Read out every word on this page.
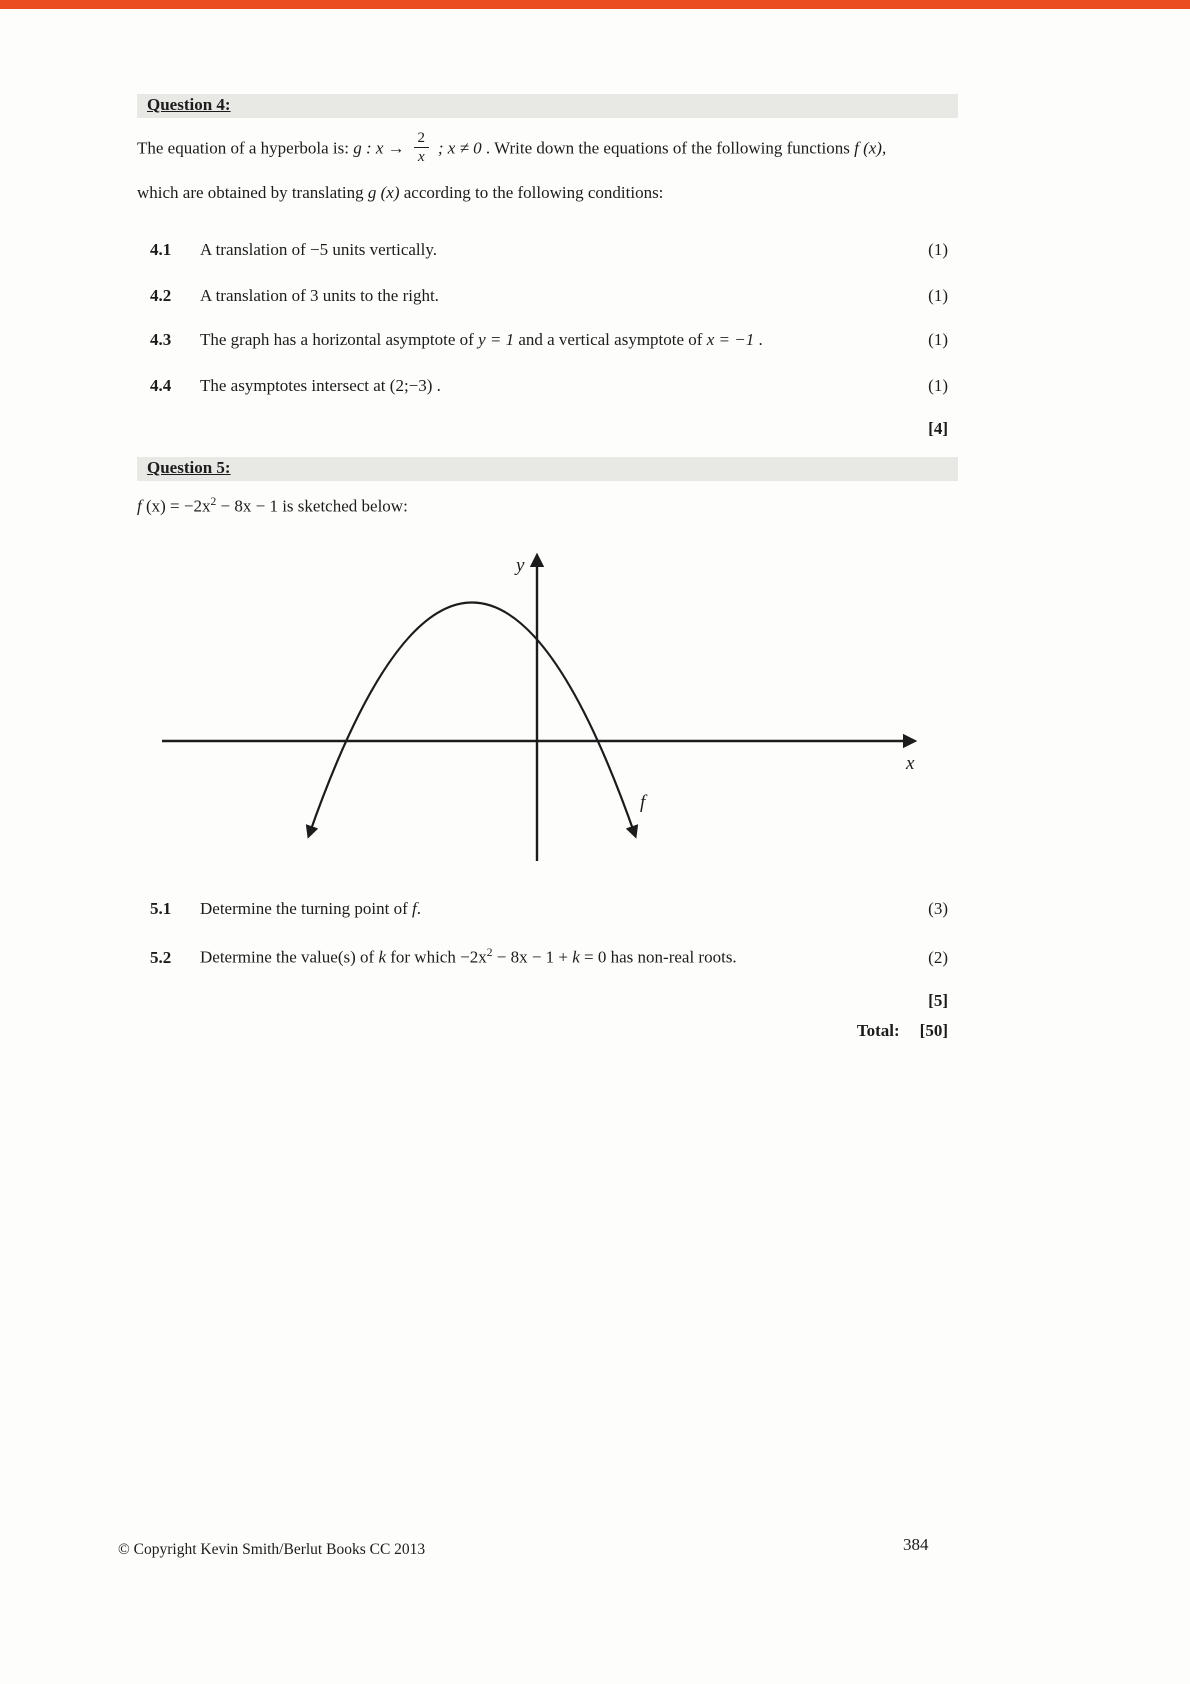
Question 4:
The equation of a hyperbola is: g : $x \to \frac{2}{x}$ ; x ≠ 0 . Write down the equations of the following functions f (x),
which are obtained by translating g (x) according to the following conditions:
4.1	A translation of −5 units vertically.	(1)
4.2	A translation of 3 units to the right.	(1)
4.3	The graph has a horizontal asymptote of y = 1 and a vertical asymptote of x = −1 .	(1)
4.4	The asymptotes intersect at (2;−3) .	(1)
[4]
Question 5:
f $(x) = -2x^2 - 8x - 1$ is sketched below:
y
x
f
5.1	Determine the turning point of f.	(3)
5.2	Determine the value(s) of k for which $-2x^2 - 8x - 1 + k = 0$ has non-real roots.	(2)
[5]
Total: [50]
© Copyright Kevin Smith/Berlut Books CC 2013	384
